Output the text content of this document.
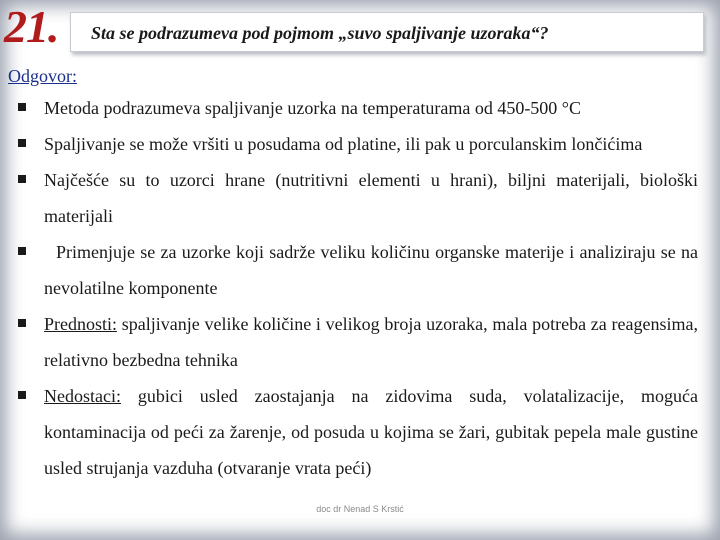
21. Sta se podrazumeva pod pojmom „suvo spaljivanje uzoraka“?
Odgovor:
Metoda podrazumeva spaljivanje uzorka na temperaturama od 450-500 °C
Spaljivanje se može vršiti u posudama od platine, ili pak u porculanskim lončićima
Najčešće su to uzorci hrane (nutritivni elementi u hrani), biljni materijali, biološki materijali
Primenjuje se za uzorke koji sadrže veliku količinu organske materije i analiziraju se na nevolatilne komponente
Prednosti: spaljivanje velike količine i velikog broja uzoraka, mala potreba za reagensima, relativno bezbedna tehnika
Nedostaci: gubici usled zaostajanja na zidovima suda, volatalizacije, moguća kontaminacija od peći za žarenje, od posuda u kojima se žari, gubitak pepela male gustine usled strujanja vazduha (otvaranje vrata peći)
doc dr Nenad S Krstić
